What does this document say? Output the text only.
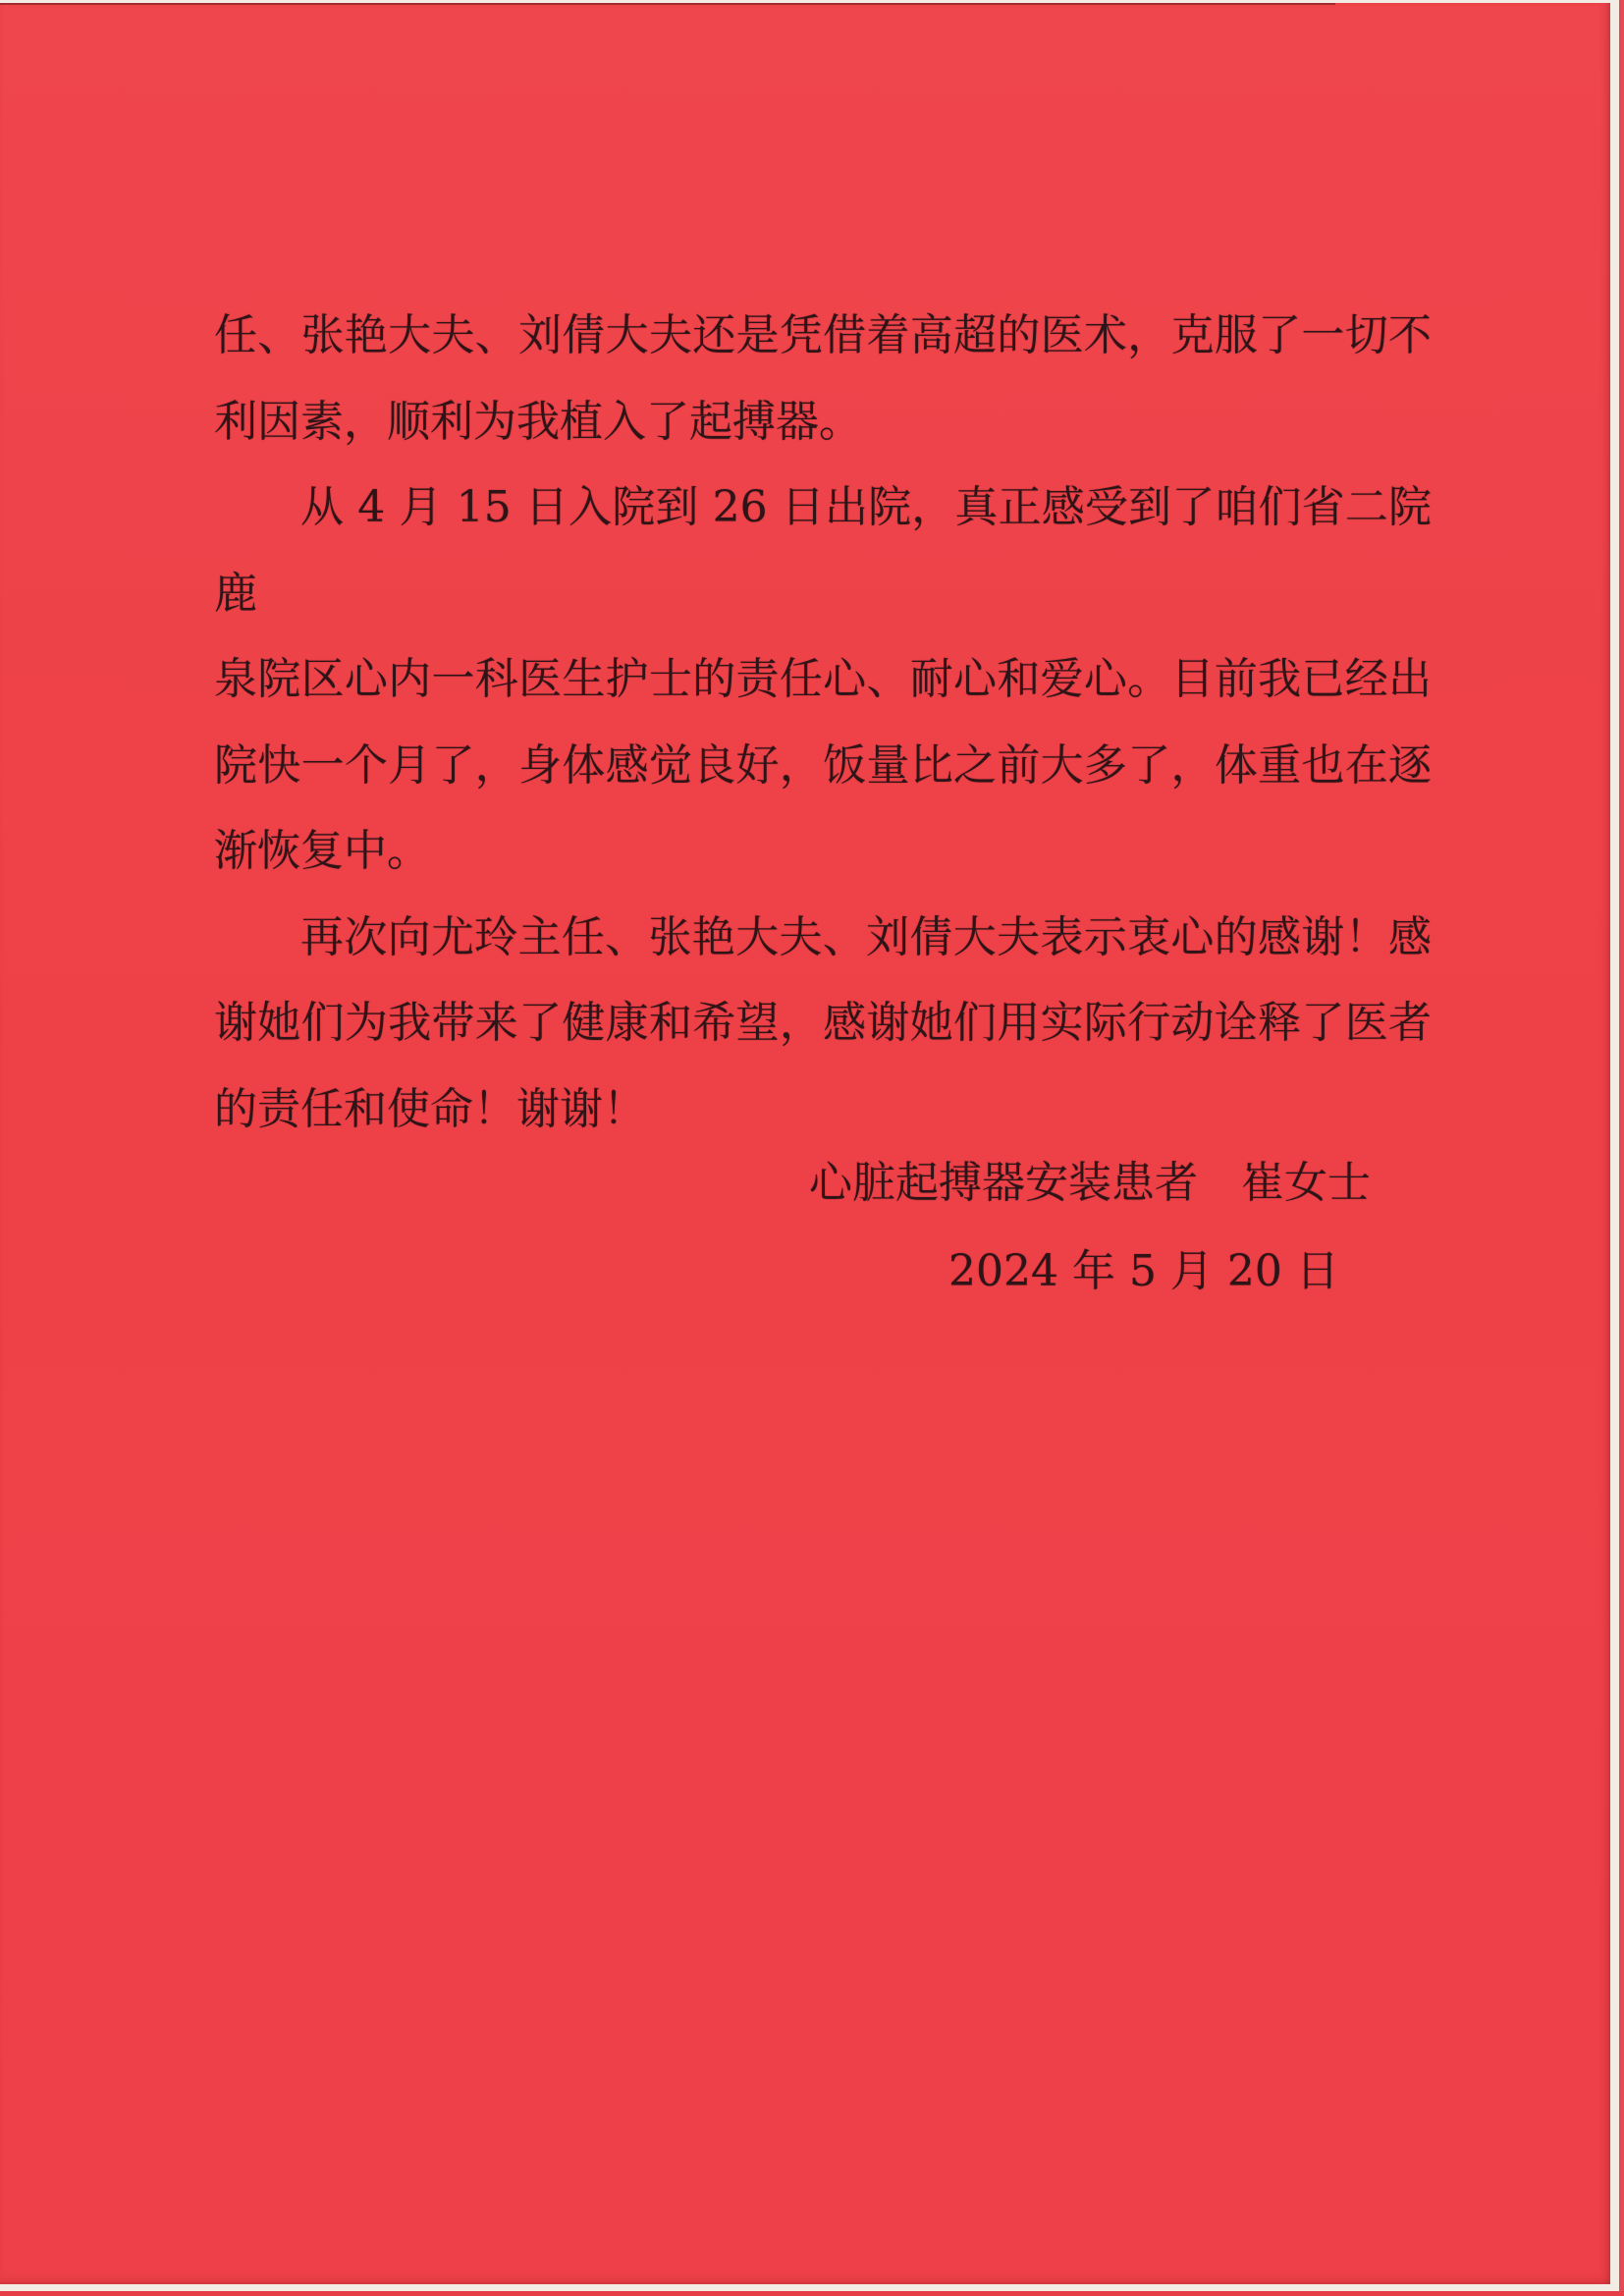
任、张艳大夫、刘倩大夫还是凭借着高超的医术，克服了一切不
利因素，顺利为我植入了起搏器。
从 4 月 15 日入院到 26 日出院，真正感受到了咱们省二院鹿
泉院区心内一科医生护士的责任心、耐心和爱心。目前我已经出
院快一个月了，身体感觉良好，饭量比之前大多了，体重也在逐
渐恢复中。
再次向尤玲主任、张艳大夫、刘倩大夫表示衷心的感谢！感
谢她们为我带来了健康和希望，感谢她们用实际行动诠释了医者
的责任和使命！谢谢！
心脏起搏器安装患者　崔女士
2024 年 5 月 20 日
